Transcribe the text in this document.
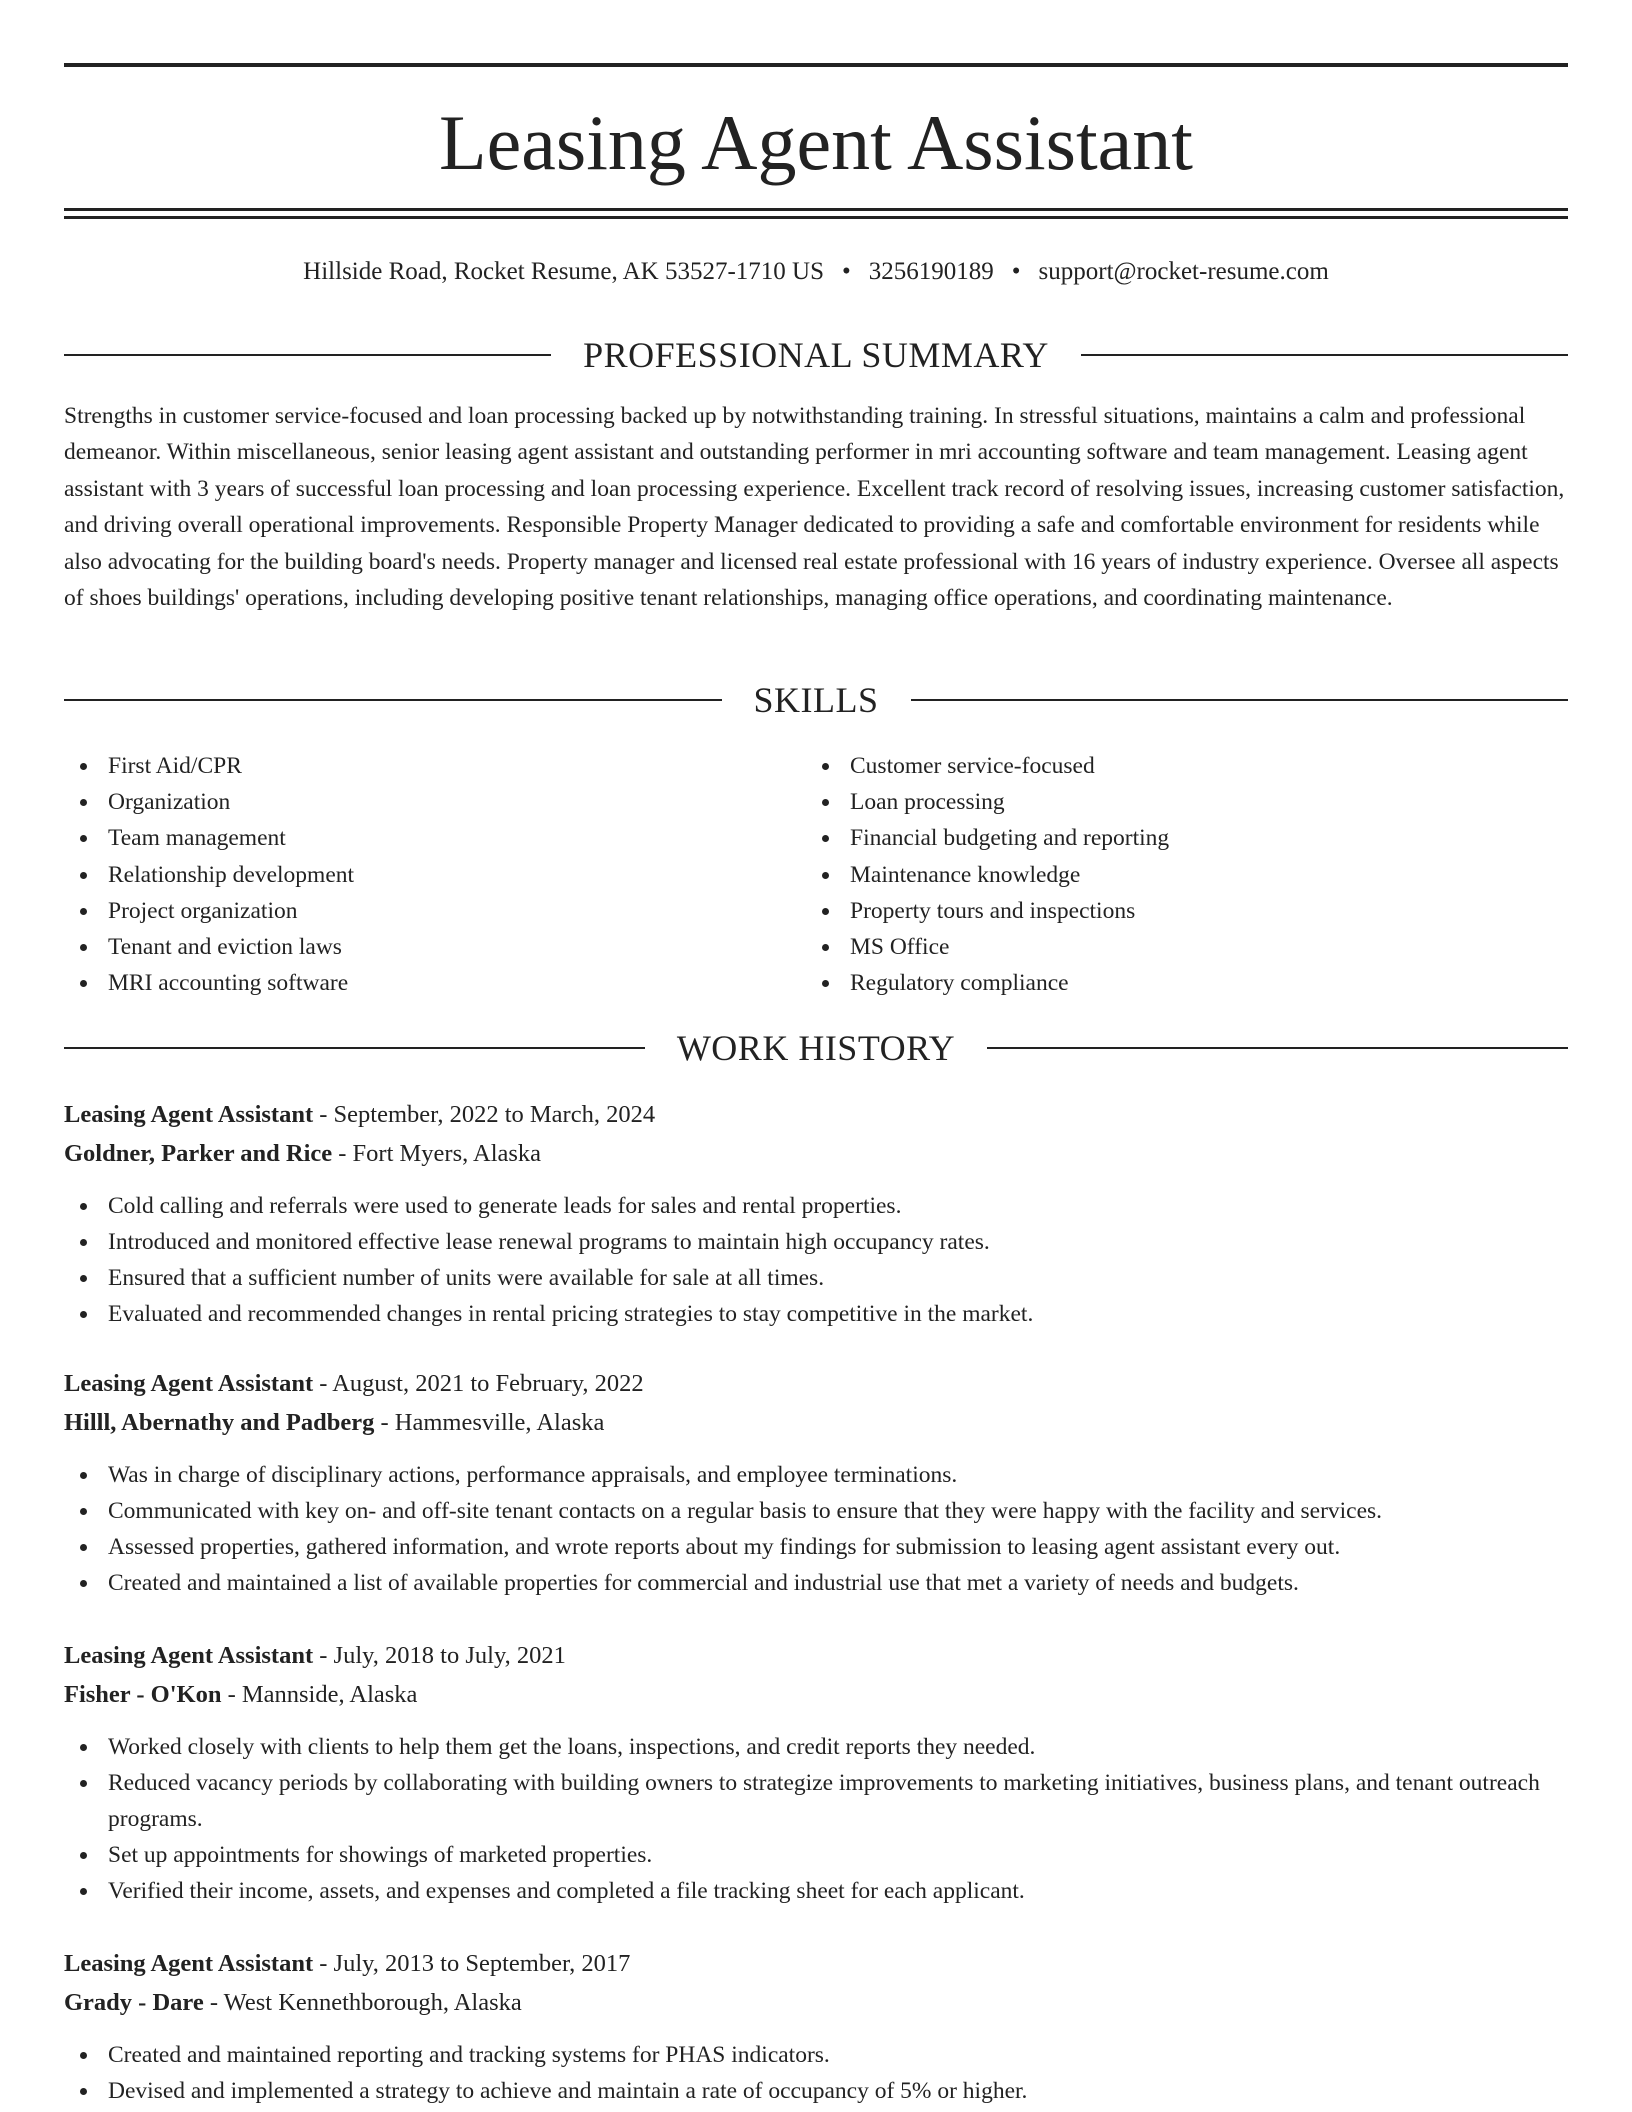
Leasing Agent Assistant
Hillside Road, Rocket Resume, AK 53527-1710 US • 3256190189 • support@rocket-resume.com
PROFESSIONAL SUMMARY

Strengths in customer service-focused and loan processing backed up by notwithstanding training. In stressful situations, maintains a calm and professional demeanor. Within miscellaneous, senior leasing agent assistant and outstanding performer in mri accounting software and team management. Leasing agent assistant with 3 years of successful loan processing and loan processing experience. Excellent track record of resolving issues, increasing customer satisfaction, and driving overall operational improvements. Responsible Property Manager dedicated to providing a safe and comfortable environment for residents while also advocating for the building board's needs. Property manager and licensed real estate professional with 16 years of industry experience. Oversee all aspects of shoes buildings' operations, including developing positive tenant relationships, managing office operations, and coordinating maintenance.

SKILLS
First Aid/CPR
Organization
Team management
Relationship development
Project organization
Tenant and eviction laws
MRI accounting software
Customer service-focused
Loan processing
Financial budgeting and reporting
Maintenance knowledge
Property tours and inspections
MS Office
Regulatory compliance
WORK HISTORY
Leasing Agent Assistant - September, 2022 to March, 2024
Goldner, Parker and Rice - Fort Myers, Alaska
Cold calling and referrals were used to generate leads for sales and rental properties.
Introduced and monitored effective lease renewal programs to maintain high occupancy rates.
Ensured that a sufficient number of units were available for sale at all times.
Evaluated and recommended changes in rental pricing strategies to stay competitive in the market.
Leasing Agent Assistant - August, 2021 to February, 2022
Hilll, Abernathy and Padberg - Hammesville, Alaska
Was in charge of disciplinary actions, performance appraisals, and employee terminations.
Communicated with key on- and off-site tenant contacts on a regular basis to ensure that they were happy with the facility and services.
Assessed properties, gathered information, and wrote reports about my findings for submission to leasing agent assistant every out.
Created and maintained a list of available properties for commercial and industrial use that met a variety of needs and budgets.
Leasing Agent Assistant - July, 2018 to July, 2021
Fisher - O'Kon - Mannside, Alaska
Worked closely with clients to help them get the loans, inspections, and credit reports they needed.
Reduced vacancy periods by collaborating with building owners to strategize improvements to marketing initiatives, business plans, and tenant outreach programs.
Set up appointments for showings of marketed properties.
Verified their income, assets, and expenses and completed a file tracking sheet for each applicant.
Leasing Agent Assistant - July, 2013 to September, 2017
Grady - Dare - West Kennethborough, Alaska
Created and maintained reporting and tracking systems for PHAS indicators.
Devised and implemented a strategy to achieve and maintain a rate of occupancy of 5% or higher.
